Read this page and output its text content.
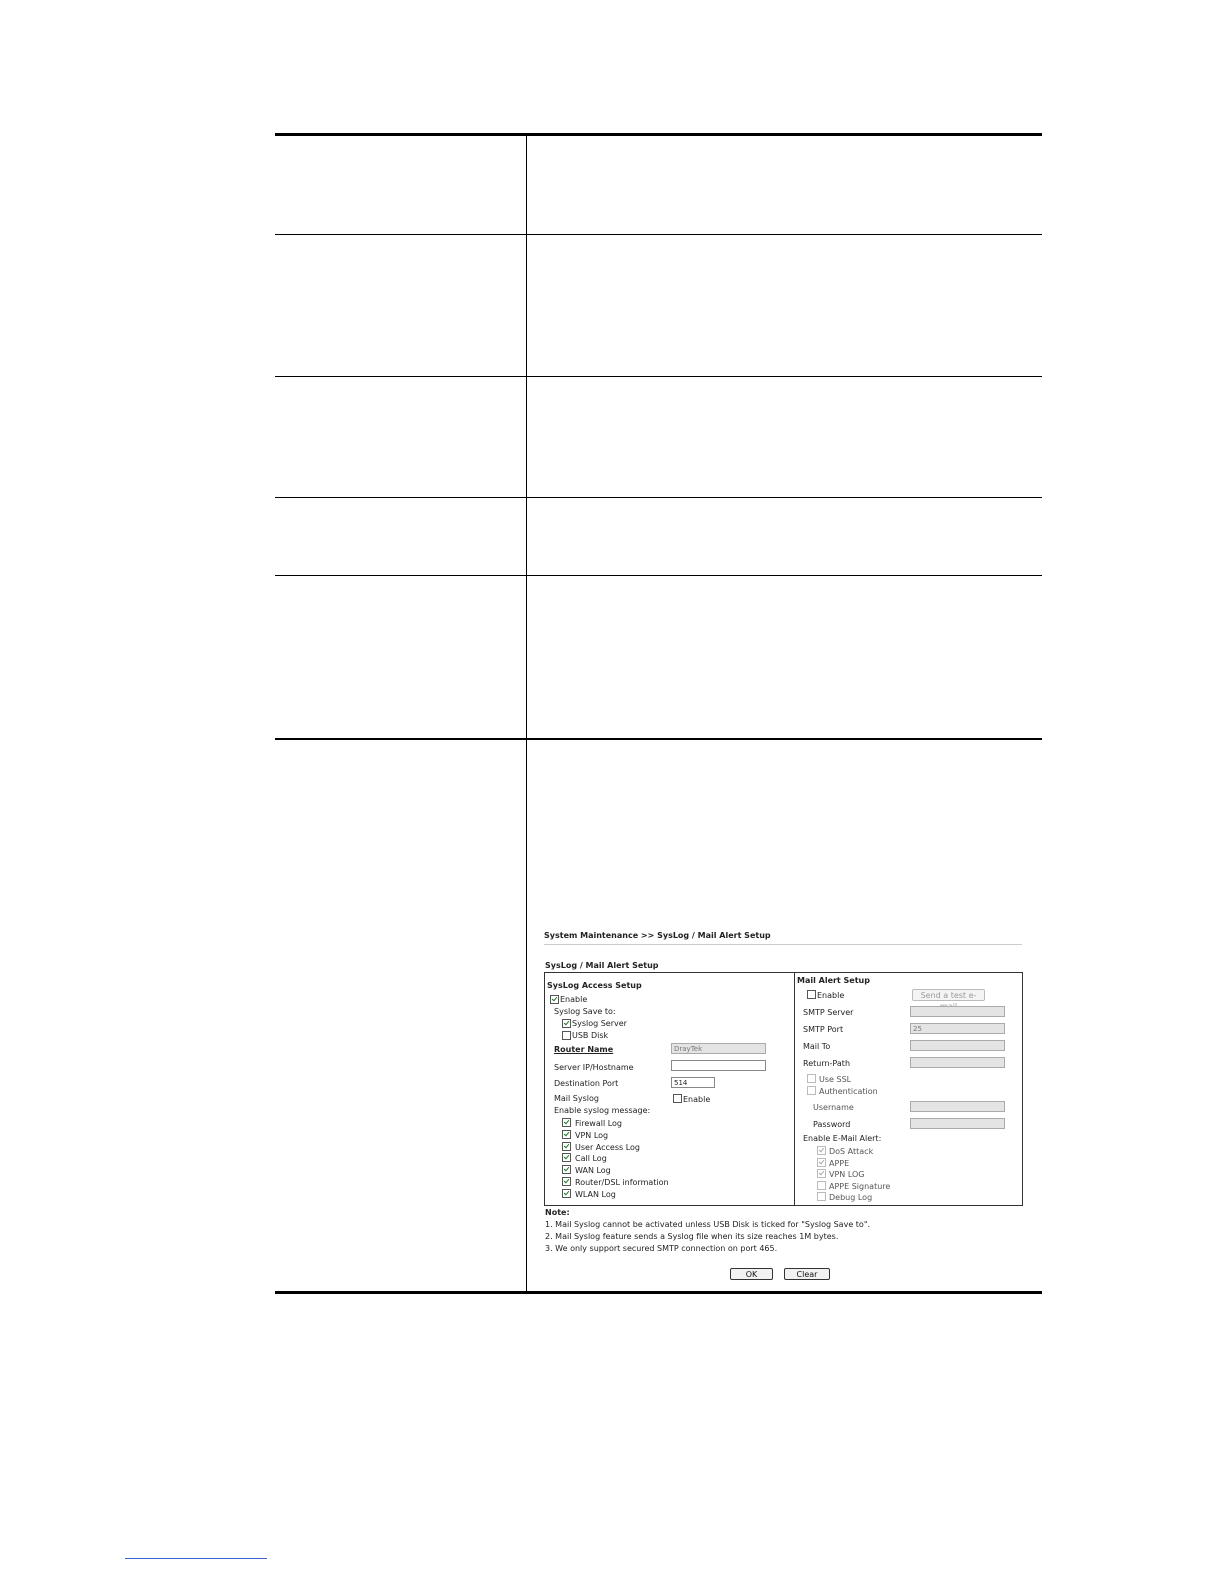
System Maintenance >> SysLog / Mail Alert Setup
SysLog / Mail Alert Setup
SysLog Access Setup
Enable
Syslog Save to:
Syslog Server
USB Disk
Router Name	DrayTek
Server IP/Hostname
Destination Port	514
Mail Syslog	Enable
Enable syslog message:
Firewall Log
VPN Log
User Access Log
Call Log
WAN Log
Router/DSL information
WLAN Log
Mail Alert Setup
Enable	Send a test e-
SMTP Server
SMTP Port	25
Mail To
Return-Path
Use SSL
Authentication
Username
Password
Enable E-Mail Alert:
DoS Attack
APPE
VPN LOG
APPE Signature
Debug Log
Note:
1. Mail Syslog cannot be activated unless USB Disk is ticked for "Syslog Save to".
2. Mail Syslog feature sends a Syslog file when its size reaches 1M bytes.
3. We only support secured SMTP connection on port 465.
OK	Clear
